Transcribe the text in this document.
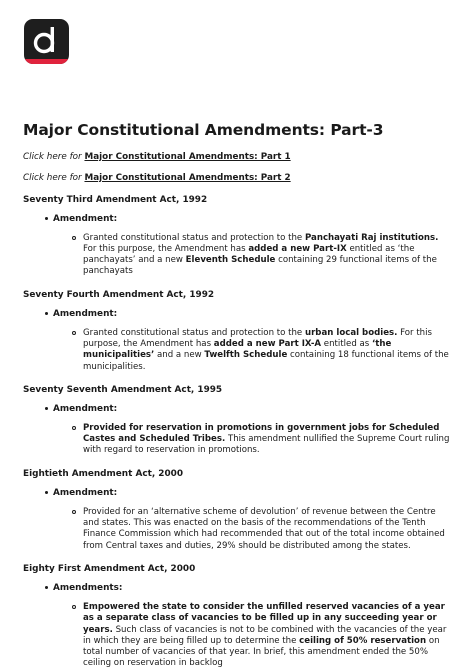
Major Constitutional Amendments: Part-3

Click here for Major Constitutional Amendments: Part 1

Click here for Major Constitutional Amendments: Part 2

Seventy Third Amendment Act, 1992

Amendment:

Granted constitutional status and protection to the Panchayati Raj institutions. For this purpose, the Amendment has added a new Part-IX entitled as ‘the panchayats’ and a new Eleventh Schedule containing 29 functional items of the panchayats

Seventy Fourth Amendment Act, 1992

Amendment:

Granted constitutional status and protection to the urban local bodies. For this purpose, the Amendment has added a new Part IX-A entitled as ‘the municipalities’ and a new Twelfth Schedule containing 18 functional items of the municipalities.

Seventy Seventh Amendment Act, 1995

Amendment:

Provided for reservation in promotions in government jobs for Scheduled Castes and Scheduled Tribes. This amendment nullified the Supreme Court ruling with regard to reservation in promotions.

Eightieth Amendment Act, 2000

Amendment:

Provided for an ‘alternative scheme of devolution’ of revenue between the Centre and states. This was enacted on the basis of the recommendations of the Tenth Finance Commission which had recommended that out of the total income obtained from Central taxes and duties, 29% should be distributed among the states.

Eighty First Amendment Act, 2000

Amendments:

Empowered the state to consider the unfilled reserved vacancies of a year as a separate class of vacancies to be filled up in any succeeding year or years. Such class of vacancies is not to be combined with the vacancies of the year in which they are being filled up to determine the ceiling of 50% reservation on total number of vacancies of that year. In brief, this amendment ended the 50% ceiling on reservation in backlog
